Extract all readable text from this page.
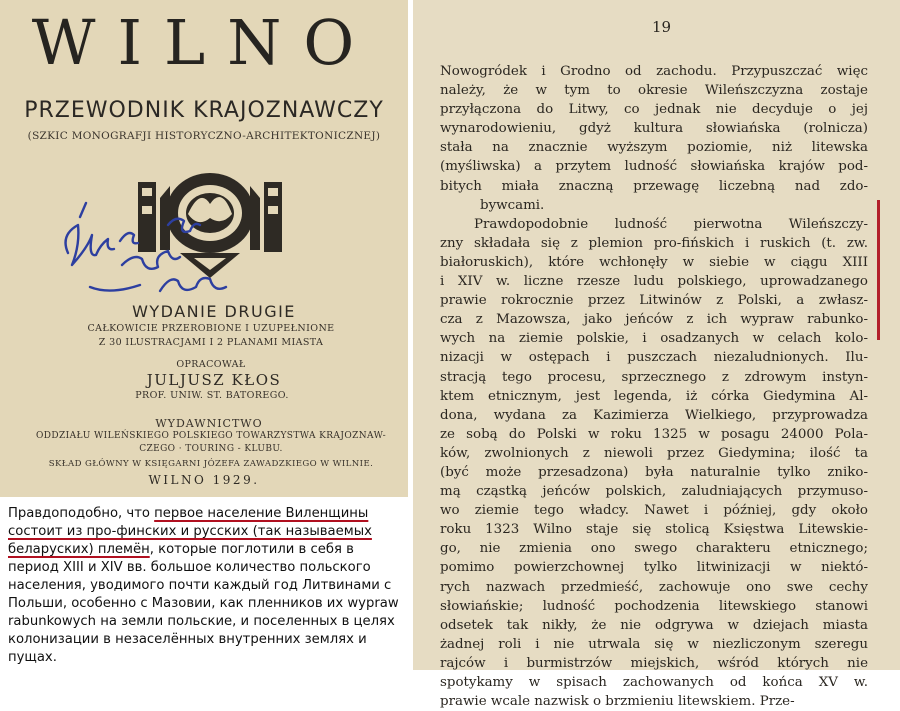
WILNO
PRZEWODNIK KRAJOZNAWCZY
(SZKIC MONOGRAFJI HISTORYCZNO-ARCHITEKTONICZNEJ)
WYDANIE DRUGIE
CAŁKOWICIE PRZEROBIONE I UZUPEŁNIONE
Z 30 ILUSTRACJAMI I 2 PLANAMI MIASTA
OPRACOWAŁ
JULJUSZ KŁOS
PROF. UNIW. ST. BATOREGO.
WYDAWNICTWO
ODDZIAŁU WILEŃSKIEGO POLSKIEGO TOWARZYSTWA KRAJOZNAW-
CZEGO · TOURING - KLUBU.
SKŁAD GŁÓWNY W KSIĘGARNI JÓZEFA ZAWADZKIEGO W WILNIE.
WILNO 1929.
Правдоподобно, что первое население Виленщины состоит из про-финских и русских (так называемых беларуских) племён, которые поглотили в себя в период XIII и XIV вв. большое количество польского населения, уводимого почти каждый год Литвинами с Польши, особенно с Мазовии, как пленников их wypraw rabunkowych на земли польские, и поселенных в целях колонизации в незаселённых внутренних землях и пущах.
19
Nowogródek i Grodno od zachodu. Przypuszczać więc
należy, że w tym to okresie Wileńszczyzna zostaje
przyłączona do Litwy, co jednak nie decyduje o jej
wynarodowieniu, gdyż kultura słowiańska (rolnicza)
stała na znacznie wyższym poziomie, niż litewska
(myśliwska) a przytem ludność słowiańska krajów pod-
bitych miała znaczną przewagę liczebną nad zdo-
bywcami.
Prawdopodobnie ludność pierwotna Wileńszczy-
zny składała się z plemion pro-fińskich i ruskich (t. zw.
białoruskich), które wchłonęły w siebie w ciągu XIII
i XIV w. liczne rzesze ludu polskiego, uprowadzanego
prawie rokrocznie przez Litwinów z Polski, a zwłasz-
cza z Mazowsza, jako jeńców z ich wypraw rabunko-
wych na ziemie polskie, i osadzanych w celach kolo-
nizacji w ostępach i puszczach niezaludnionych. Ilu-
stracją tego procesu, sprzecznego z zdrowym instyn-
ktem etnicznym, jest legenda, iż córka Giedymina Al-
dona, wydana za Kazimierza Wielkiego, przyprowadza
ze sobą do Polski w roku 1325 w posagu 24000 Pola-
ków, zwolnionych z niewoli przez Giedymina; ilość ta
(być może przesadzona) była naturalnie tylko zniko-
mą cząstką jeńców polskich, zaludniających przymuso-
wo ziemie tego władcy. Nawet i później, gdy około
roku 1323 Wilno staje się stolicą Księstwa Litewskie-
go, nie zmienia ono swego charakteru etnicznego;
pomimo powierzchownej tylko litwinizacji w niektó-
rych nazwach przedmieść, zachowuje ono swe cechy
słowiańskie; ludność pochodzenia litewskiego stanowi
odsetek tak nikły, że nie odgrywa w dziejach miasta
żadnej roli i nie utrwala się w niezliczonym szeregu
rajców i burmistrzów miejskich, wśród których nie
spotykamy w spisach zachowanych od końca XV w.
prawie wcale nazwisk o brzmieniu litewskiem. Prze-
